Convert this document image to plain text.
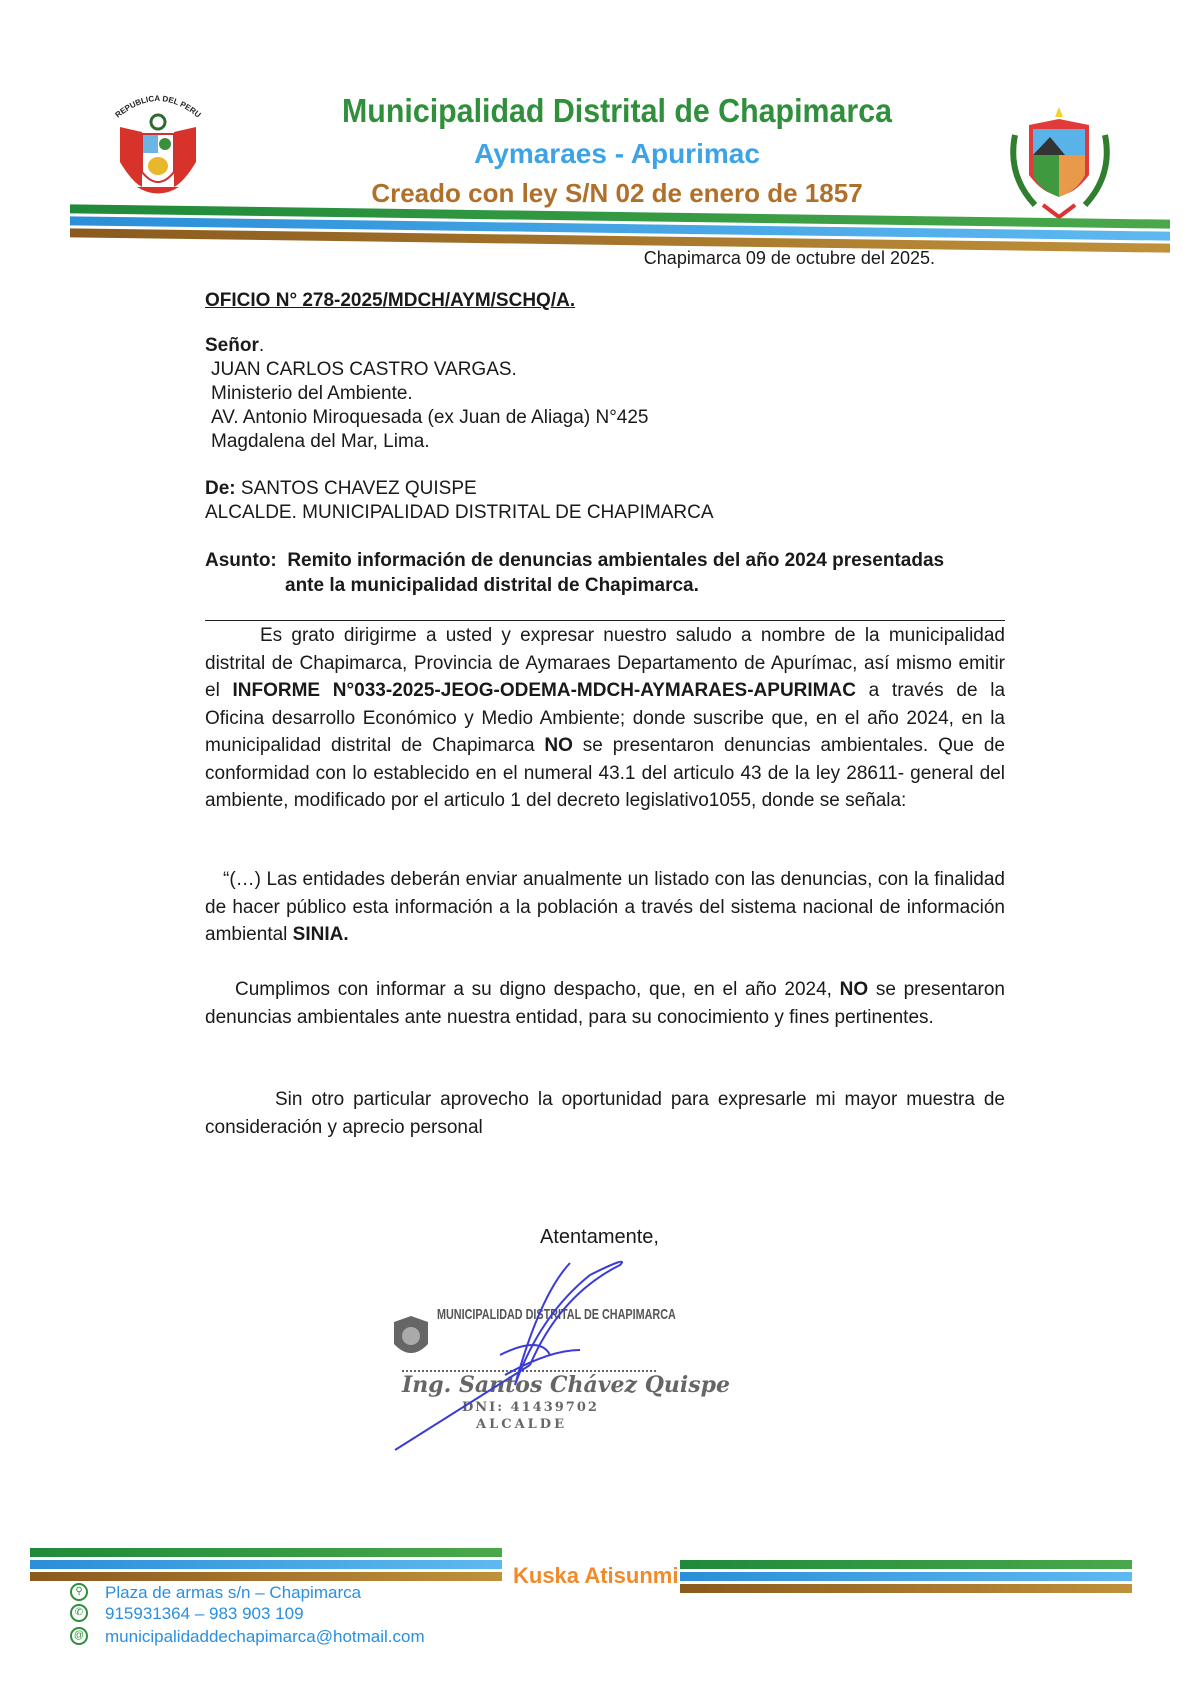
REPUBLICA DEL PERU	Municipalidad Distrital de Chapimarca
Aymaraes - Apurimac
Creado con ley S/N 02 de enero de 1857
Chapimarca 09 de octubre del 2025.
OFICIO N° 278-2025/MDCH/AYM/SCHQ/A.
Señor.
JUAN CARLOS CASTRO VARGAS.
Ministerio del Ambiente.
AV. Antonio Miroquesada (ex Juan de Aliaga) N°425
Magdalena del Mar, Lima.
De: SANTOS CHAVEZ QUISPE
ALCALDE. MUNICIPALIDAD DISTRITAL DE CHAPIMARCA
Asunto: Remito información de denuncias ambientales del año 2024 presentadas
ante la municipalidad distrital de Chapimarca.
Es grato dirigirme a usted y expresar nuestro saludo a nombre de la municipalidad distrital de Chapimarca, Provincia de Aymaraes Departamento de Apurímac, así mismo emitir el INFORME N°033-2025-JEOG-ODEMA-MDCH-AYMARAES-APURIMAC a través de la Oficina desarrollo Económico y Medio Ambiente; donde suscribe que, en el año 2024, en la municipalidad distrital de Chapimarca NO se presentaron denuncias ambientales. Que de conformidad con lo establecido en el numeral 43.1 del articulo 43 de la ley 28611- general del ambiente, modificado por el articulo 1 del decreto legislativo1055, donde se señala:
“(…) Las entidades deberán enviar anualmente un listado con las denuncias, con la finalidad de hacer público esta información a la población a través del sistema nacional de información ambiental SINIA.
Cumplimos con informar a su digno despacho, que, en el año 2024, NO se presentaron denuncias ambientales ante nuestra entidad, para su conocimiento y fines pertinentes.
Sin otro particular aprovecho la oportunidad para expresarle mi mayor muestra de consideración y aprecio personal
Atentamente,
MUNICIPALIDAD DISTRITAL DE CHAPIMARCA
Ing. Santos Chávez Quispe
DNI: 41439702
ALCALDE
Kuska Atisunmi
⚲	Plaza de armas s/n – Chapimarca
✆ 915931364 – 983 903 109
@ municipalidaddechapimarca@hotmail.com
